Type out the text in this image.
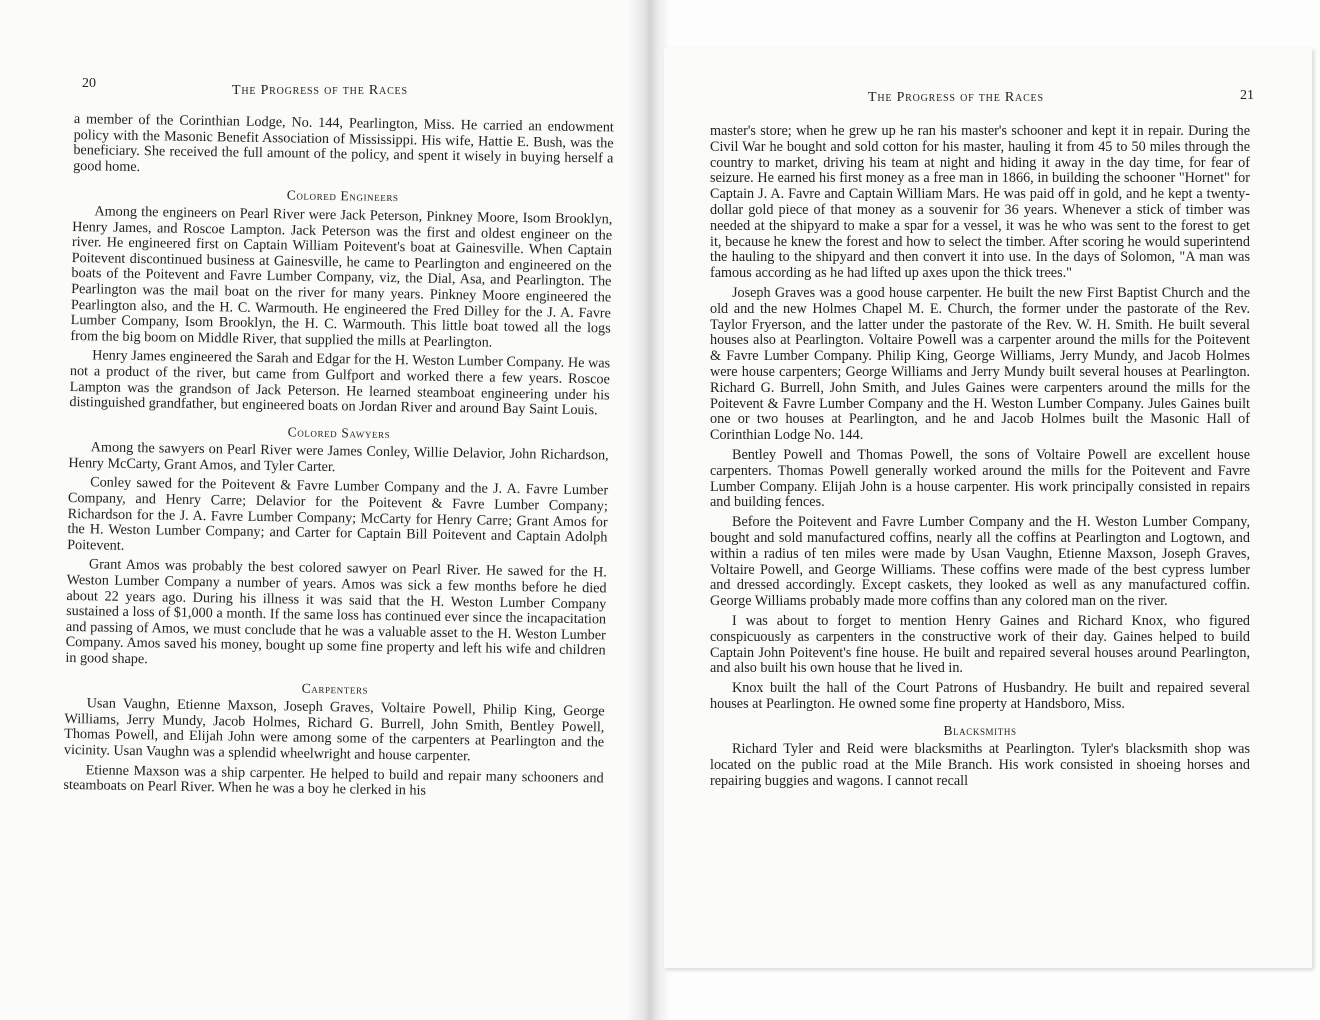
20	The Progress of the Races

a member of the Corinthian Lodge, No. 144, Pearlington, Miss. He carried an endowment policy with the Masonic Benefit Association of Mississippi. His wife, Hattie E. Bush, was the beneficiary. She received the full amount of the policy, and spent it wisely in buying herself a good home.

Colored Engineers

Among the engineers on Pearl River were Jack Peterson, Pinkney Moore, Isom Brooklyn, Henry James, and Roscoe Lampton. Jack Peterson was the first and oldest engineer on the river. He engineered first on Captain William Poitevent's boat at Gainesville. When Captain Poitevent discontinued business at Gainesville, he came to Pearlington and engineered on the boats of the Poitevent and Favre Lumber Company, viz, the Dial, Asa, and Pearlington. The Pearlington was the mail boat on the river for many years. Pinkney Moore engineered the Pearlington also, and the H. C. Warmouth. He engineered the Fred Dilley for the J. A. Favre Lumber Company, Isom Brooklyn, the H. C. Warmouth. This little boat towed all the logs from the big boom on Middle River, that supplied the mills at Pearlington.

Henry James engineered the Sarah and Edgar for the H. Weston Lumber Company. He was not a product of the river, but came from Gulfport and worked there a few years. Roscoe Lampton was the grandson of Jack Peterson. He learned steamboat engineering under his distinguished grandfather, but engineered boats on Jordan River and around Bay Saint Louis.

Colored Sawyers

Among the sawyers on Pearl River were James Conley, Willie Delavior, John Richardson, Henry McCarty, Grant Amos, and Tyler Carter.

Conley sawed for the Poitevent & Favre Lumber Company and the J. A. Favre Lumber Company, and Henry Carre; Delavior for the Poitevent & Favre Lumber Company; Richardson for the J. A. Favre Lumber Company; McCarty for Henry Carre; Grant Amos for the H. Weston Lumber Company; and Carter for Captain Bill Poitevent and Captain Adolph Poitevent.

Grant Amos was probably the best colored sawyer on Pearl River. He sawed for the H. Weston Lumber Company a number of years. Amos was sick a few months before he died about 22 years ago. During his illness it was said that the H. Weston Lumber Company sustained a loss of $1,000 a month. If the same loss has continued ever since the incapacitation and passing of Amos, we must conclude that he was a valuable asset to the H. Weston Lumber Company. Amos saved his money, bought up some fine property and left his wife and children in good shape.

Carpenters

Usan Vaughn, Etienne Maxson, Joseph Graves, Voltaire Powell, Philip King, George Williams, Jerry Mundy, Jacob Holmes, Richard G. Burrell, John Smith, Bentley Powell, Thomas Powell, and Elijah John were among some of the carpenters at Pearlington and the vicinity. Usan Vaughn was a splendid wheelwright and house carpenter.

Etienne Maxson was a ship carpenter. He helped to build and repair many schooners and steamboats on Pearl River. When he was a boy he clerked in his

The Progress of the Races	21

master's store; when he grew up he ran his master's schooner and kept it in repair. During the Civil War he bought and sold cotton for his master, hauling it from 45 to 50 miles through the country to market, driving his team at night and hiding it away in the day time, for fear of seizure. He earned his first money as a free man in 1866, in building the schooner "Hornet" for Captain J. A. Favre and Captain William Mars. He was paid off in gold, and he kept a twenty-dollar gold piece of that money as a souvenir for 36 years. Whenever a stick of timber was needed at the shipyard to make a spar for a vessel, it was he who was sent to the forest to get it, because he knew the forest and how to select the timber. After scoring he would superintend the hauling to the shipyard and then convert it into use. In the days of Solomon, "A man was famous according as he had lifted up axes upon the thick trees."

Joseph Graves was a good house carpenter. He built the new First Baptist Church and the old and the new Holmes Chapel M. E. Church, the former under the pastorate of the Rev. Taylor Fryerson, and the latter under the pastorate of the Rev. W. H. Smith. He built several houses also at Pearlington. Voltaire Powell was a carpenter around the mills for the Poitevent & Favre Lumber Company. Philip King, George Williams, Jerry Mundy, and Jacob Holmes were house carpenters; George Williams and Jerry Mundy built several houses at Pearlington. Richard G. Burrell, John Smith, and Jules Gaines were carpenters around the mills for the Poitevent & Favre Lumber Company and the H. Weston Lumber Company. Jules Gaines built one or two houses at Pearlington, and he and Jacob Holmes built the Masonic Hall of Corinthian Lodge No. 144.

Bentley Powell and Thomas Powell, the sons of Voltaire Powell are excellent house carpenters. Thomas Powell generally worked around the mills for the Poitevent and Favre Lumber Company. Elijah John is a house carpenter. His work principally consisted in repairs and building fences.

Before the Poitevent and Favre Lumber Company and the H. Weston Lumber Company, bought and sold manufactured coffins, nearly all the coffins at Pearlington and Logtown, and within a radius of ten miles were made by Usan Vaughn, Etienne Maxson, Joseph Graves, Voltaire Powell, and George Williams. These coffins were made of the best cypress lumber and dressed accordingly. Except caskets, they looked as well as any manufactured coffin. George Williams probably made more coffins than any colored man on the river.

I was about to forget to mention Henry Gaines and Richard Knox, who figured conspicuously as carpenters in the constructive work of their day. Gaines helped to build Captain John Poitevent's fine house. He built and repaired several houses around Pearlington, and also built his own house that he lived in.

Knox built the hall of the Court Patrons of Husbandry. He built and repaired several houses at Pearlington. He owned some fine property at Handsboro, Miss.

Blacksmiths

Richard Tyler and Reid were blacksmiths at Pearlington. Tyler's blacksmith shop was located on the public road at the Mile Branch. His work consisted in shoeing horses and repairing buggies and wagons. I cannot recall
